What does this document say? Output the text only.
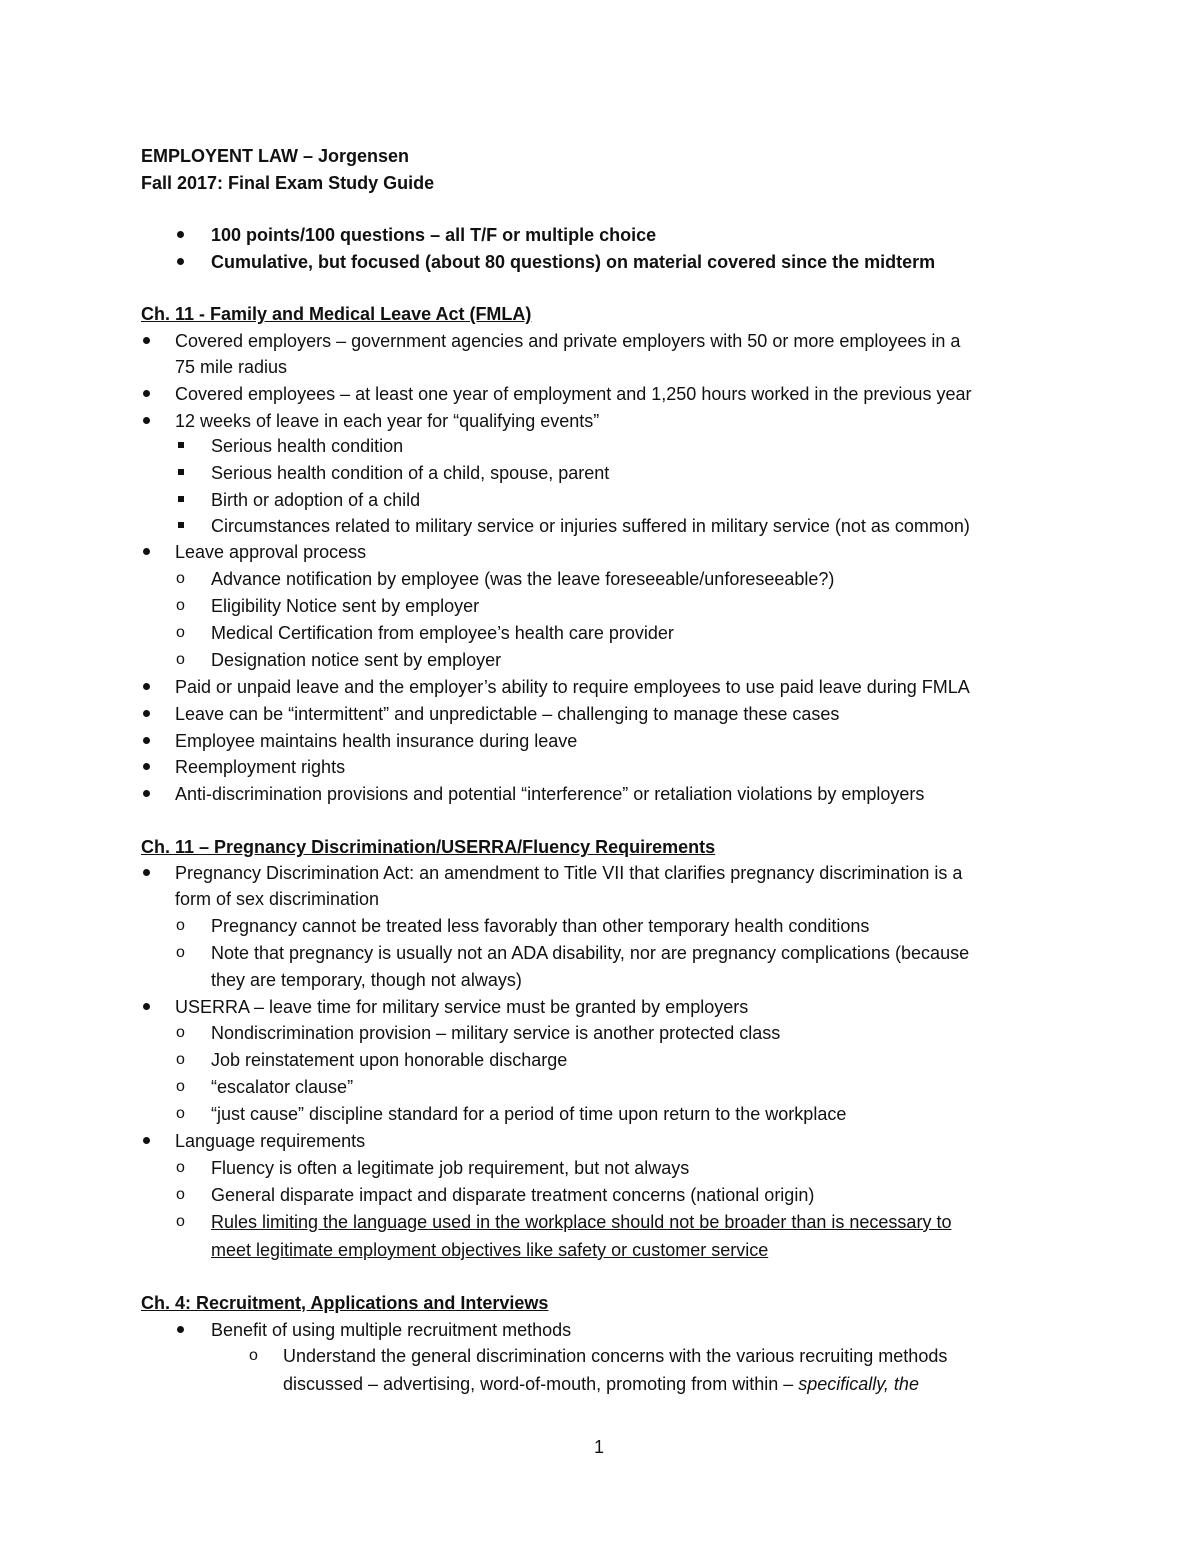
EMPLOYENT LAW – Jorgensen
Fall 2017: Final Exam Study Guide
100 points/100 questions – all T/F or multiple choice
Cumulative, but focused (about 80 questions) on material covered since the midterm
Ch. 11 - Family and Medical Leave Act (FMLA)
Covered employers – government agencies and private employers with 50 or more employees in a
75 mile radius
Covered employees – at least one year of employment and 1,250 hours worked in the previous year
12 weeks of leave in each year for “qualifying events”
Serious health condition
Serious health condition of a child, spouse, parent
Birth or adoption of a child
Circumstances related to military service or injuries suffered in military service (not as common)
Leave approval process
o Advance notification by employee (was the leave foreseeable/unforeseeable?)
o Eligibility Notice sent by employer
o Medical Certification from employee’s health care provider
o Designation notice sent by employer
Paid or unpaid leave and the employer’s ability to require employees to use paid leave during FMLA
Leave can be “intermittent” and unpredictable – challenging to manage these cases
Employee maintains health insurance during leave
Reemployment rights
Anti-discrimination provisions and potential “interference” or retaliation violations by employers
Ch. 11 – Pregnancy Discrimination/USERRA/Fluency Requirements
Pregnancy Discrimination Act: an amendment to Title VII that clarifies pregnancy discrimination is a
form of sex discrimination
o Pregnancy cannot be treated less favorably than other temporary health conditions
o Note that pregnancy is usually not an ADA disability, nor are pregnancy complications (because
they are temporary, though not always)
USERRA – leave time for military service must be granted by employers
o Nondiscrimination provision – military service is another protected class
o Job reinstatement upon honorable discharge
o “escalator clause”
o “just cause” discipline standard for a period of time upon return to the workplace
Language requirements
o Fluency is often a legitimate job requirement, but not always
o General disparate impact and disparate treatment concerns (national origin)
o Rules limiting the language used in the workplace should not be broader than is necessary to
meet legitimate employment objectives like safety or customer service
Ch. 4: Recruitment, Applications and Interviews
Benefit of using multiple recruitment methods
o Understand the general discrimination concerns with the various recruiting methods
discussed – advertising, word-of-mouth, promoting from within – specifically, the
1
